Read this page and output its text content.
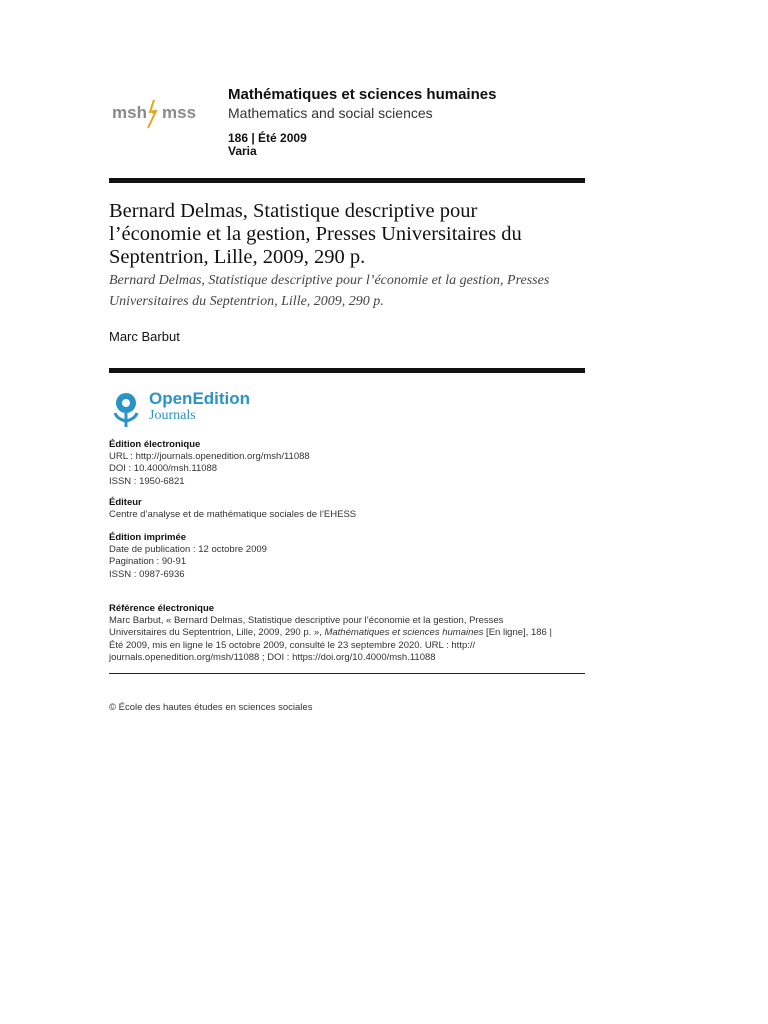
msh mss
Mathématiques et sciences humaines
Mathematics and social sciences
186 | Été 2009
Varia
Bernard Delmas, Statistique descriptive pour
l’économie et la gestion, Presses Universitaires du
Septentrion, Lille, 2009, 290 p.
Bernard Delmas, Statistique descriptive pour l’économie et la gestion, Presses
Universitaires du Septentrion, Lille, 2009, 290 p.
Marc Barbut
OpenEdition
Journals
Édition électronique
URL : http://journals.openedition.org/msh/11088
DOI : 10.4000/msh.11088
ISSN : 1950-6821
Éditeur
Centre d’analyse et de mathématique sociales de l’EHESS
Édition imprimée
Date de publication : 12 octobre 2009
Pagination : 90-91
ISSN : 0987-6936
Référence électronique
Marc Barbut, « Bernard Delmas, Statistique descriptive pour l’économie et la gestion, Presses
Universitaires du Septentrion, Lille, 2009, 290 p. », Mathématiques et sciences humaines [En ligne], 186 |
Été 2009, mis en ligne le 15 octobre 2009, consulté le 23 septembre 2020. URL : http://
journals.openedition.org/msh/11088 ; DOI : https://doi.org/10.4000/msh.11088
© École des hautes études en sciences sociales
